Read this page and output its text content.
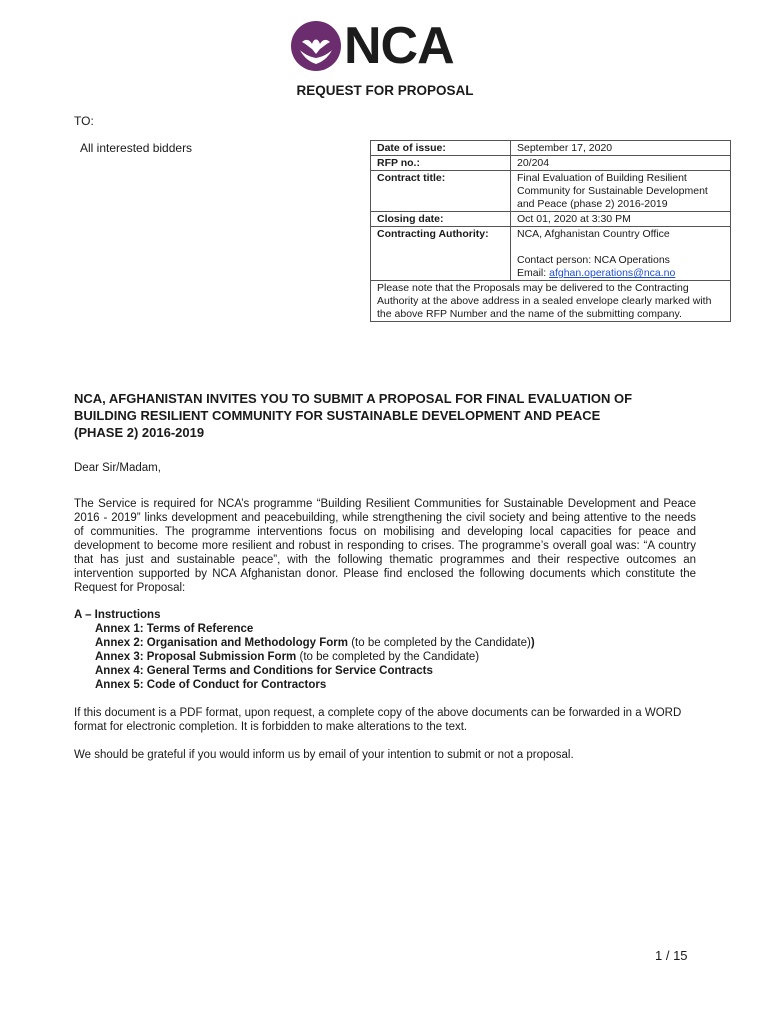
NCA
REQUEST FOR PROPOSAL
TO:
All interested bidders	Date of issue:	September 17, 2020
RFP no.:	20/204
Contract title:	Final Evaluation of Building Resilient Community for Sustainable Development and Peace (phase 2) 2016-2019
Closing date:	Oct 01, 2020 at 3:30 PM
Contracting Authority:	NCA, Afghanistan Country Office
Contact person: NCA Operations
Email: afghan.operations@nca.no

Please note that the Proposals may be delivered to the Contracting Authority at the above address in a sealed envelope clearly marked with the above RFP Number and the name of the submitting company.	
NCA, AFGHANISTAN INVITES YOU TO SUBMIT A PROPOSAL FOR FINAL EVALUATION OF BUILDING RESILIENT COMMUNITY FOR SUSTAINABLE DEVELOPMENT AND PEACE (PHASE 2) 2016-2019
Dear Sir/Madam,
The Service is required for NCA’s programme “Building Resilient Communities for Sustainable Development and Peace 2016 - 2019” links development and peacebuilding, while strengthening the civil society and being attentive to the needs of communities. The programme interventions focus on mobilising and developing local capacities for peace and development to become more resilient and robust in responding to crises. The programme’s overall goal was: “A country that has just and sustainable peace”, with the following thematic programmes and their respective outcomes an intervention supported by NCA Afghanistan donor. Please find enclosed the following documents which constitute the Request for Proposal:
A – Instructions
Annex 1: Terms of Reference
Annex 2: Organisation and Methodology Form (to be completed by the Candidate))
Annex 3: Proposal Submission Form (to be completed by the Candidate)
Annex 4: General Terms and Conditions for Service Contracts
Annex 5: Code of Conduct for Contractors
If this document is a PDF format, upon request, a complete copy of the above documents can be forwarded in a WORD format for electronic completion. It is forbidden to make alterations to the text.
We should be grateful if you would inform us by email of your intention to submit or not a proposal.
1 / 15
